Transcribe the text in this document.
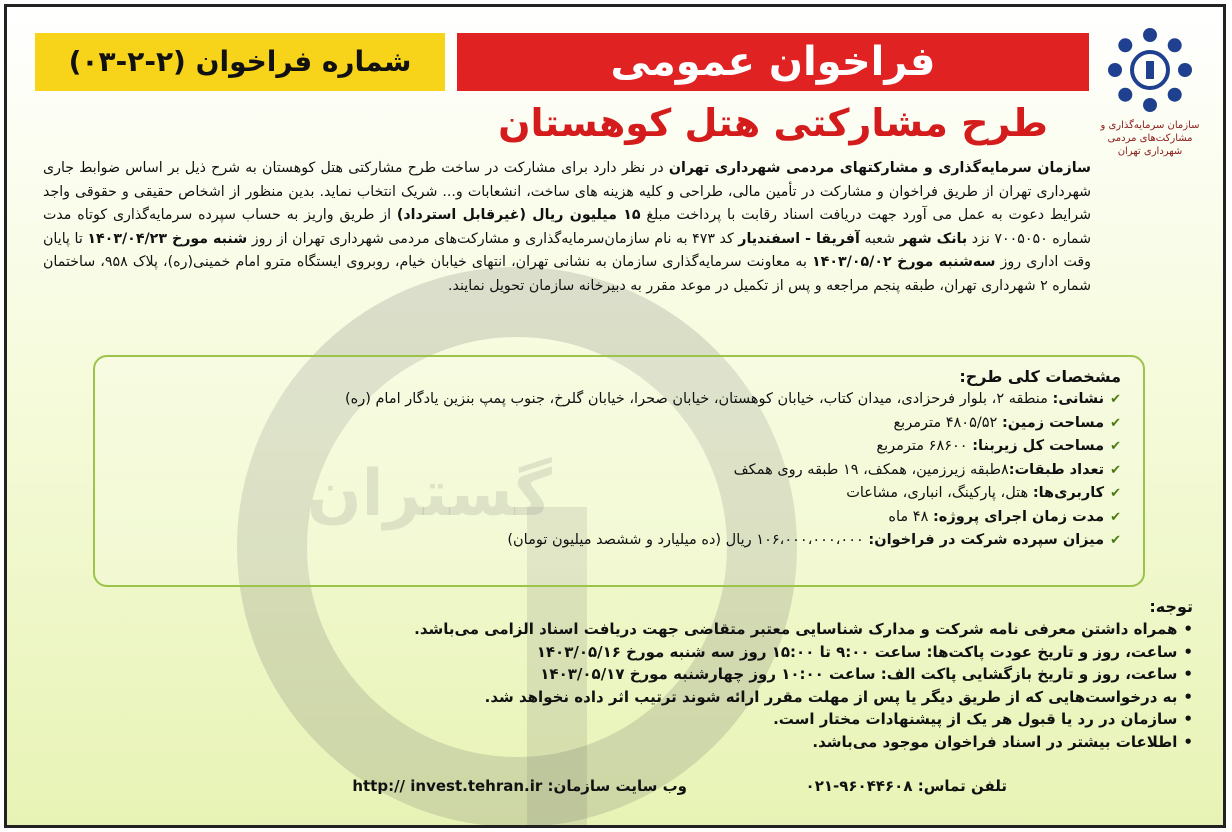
گستران
سازمان سرمایه‌گذاری و مشارکت‌های مردمی شهرداری تهران
فراخوان عمومی
طرح مشارکتی هتل کوهستان
شماره فراخوان (۲-۲-۰۳)
سازمان سرمایه‌گذاری و مشارکتهای مردمی شهرداری تهران در نظر دارد برای مشارکت در ساخت طرح مشارکتی هتل کوهستان به شرح ذیل بر اساس ضوابط جاری شهرداری تهران از طریق فراخوان و مشارکت در تأمین مالی، طراحی و کلیه هزینه های ساخت، انشعابات و... شریک انتخاب نماید. بدین منظور از اشخاص حقیقی و حقوقی واجد شرایط دعوت به عمل می آورد جهت دریافت اسناد رقابت با پرداخت مبلغ ۱۵ میلیون ریال (غیرقابل استرداد) از طریق واریز به حساب سپرده سرمایه‌گذاری کوتاه مدت شماره ۷۰۰۵۰۵۰ نزد بانک شهر شعبه آفریقا - اسفندیار کد ۴۷۳ به نام سازمان‌سرمایه‌گذاری و مشارکت‌های مردمی شهرداری تهران از روز شنبه مورخ ۱۴۰۳/۰۴/۲۳ تا پایان وقت اداری روز سه‌شنبه مورخ ۱۴۰۳/۰۵/۰۲ به معاونت سرمایه‌گذاری سازمان به نشانی تهران، انتهای خیابان خیام، روبروی ایستگاه مترو امام خمینی(ره)، پلاک ۹۵۸، ساختمان شماره ۲ شهرداری تهران، طبقه پنجم مراجعه و پس از تکمیل در موعد مقرر به دبیرخانه سازمان تحویل نمایند.
مشخصات کلی طرح:
✔نشانی: منطقه ۲، بلوار فرحزادی، میدان کتاب، خیابان کوهستان، خیابان صحرا، خیابان گلرخ، جنوب پمپ بنزین یادگار امام (ره)
✔مساحت زمین: ۴۸۰۵/۵۲ مترمربع
✔مساحت کل زیربنا: ۶۸۶۰۰ مترمربع
✔تعداد طبقات:۸طبقه زیرزمین، همکف، ۱۹ طبقه روی همکف
✔کاربری‌ها: هتل، پارکینگ، انباری، مشاعات
✔مدت زمان اجرای پروژه: ۴۸ ماه
✔میزان سپرده شرکت در فراخوان: ۱۰۶،۰۰۰،۰۰۰،۰۰۰ ریال (ده میلیارد و ششصد میلیون تومان)
توجه:
•همراه داشتن معرفی نامه شرکت و مدارک شناسایی معتبر متقاضی جهت دریافت اسناد الزامی می‌باشد.
•ساعت، روز و تاریخ عودت پاکت‌ها: ساعت ۹:۰۰ تا ۱۵:۰۰ روز سه شنبه مورخ ۱۴۰۳/۰۵/۱۶
•ساعت، روز و تاریخ بازگشایی پاکت الف: ساعت ۱۰:۰۰ روز چهارشنبه مورخ ۱۴۰۳/۰۵/۱۷
•به درخواست‌هایی که از طریق دیگر یا پس از مهلت مقرر ارائه شوند ترتیب اثر داده نخواهد شد.
•سازمان در رد یا قبول هر یک از پیشنهادات مختار است.
•اطلاعات بیشتر در اسناد فراخوان موجود می‌باشد.
تلفن تماس: ۰۲۱-۹۶۰۴۴۶۰۸
وب سایت سازمان: http:// invest.tehran.ir
